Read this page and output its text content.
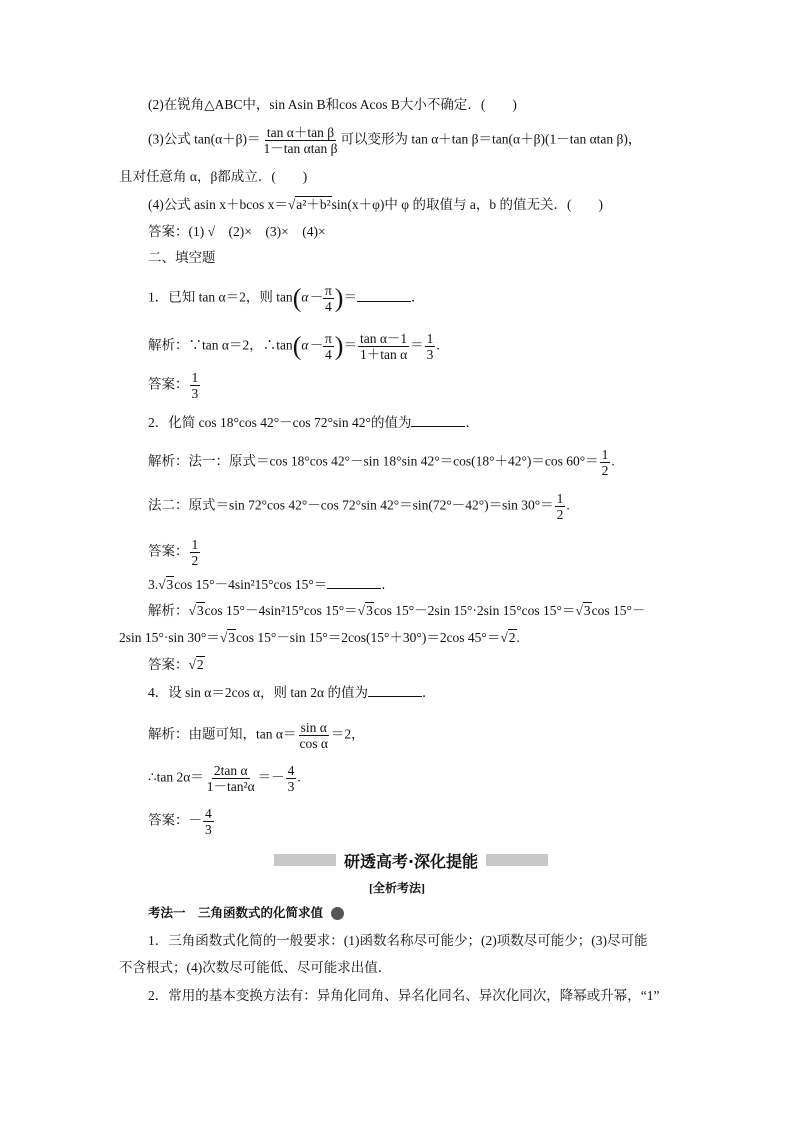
(2)在锐角△ABC中，sin Asin B和cos Acos B大小不确定．(　　)
(3)公式 $\tan(\alpha+\beta)= \frac{\text{tan α＋tan β}}{\text{1－tan αtan β}}$ 可以变形为 tan α＋tan β＝tan(α＋β)(1－tan αtan β)，
且对任意角 α，β都成立．(　　)
(4)公式 asin x＋bcos x＝√a²＋b²sin(x＋φ)中 φ 的取值与 a，b 的值无关．(　　)
答案：(1) √　(2)×　(3)×　(4)×
二、填空题
1．已知 tan α＝2，则 $\tan(\alpha- \frac{\pi}{4}$ )＝	．
解析：∵tan α＝2，∴tan(α－ $\frac{\pi}{4}$ )＝ $\frac{\text{tan α－1}}{\text{1＋tan α}} = \frac{1}{3}$ .
答案： $\frac{1}{3}$
2．化简 cos 18°cos 42°－cos 72°sin 42°的值为	．
解析：法一：原式＝cos 18°cos 42°－sin 18°sin 42°＝cos(18°＋42°)＝cos $60^\circ= \frac{1}{2}$ .
法二：原式＝sin 72°cos 42°－cos 72°sin 42°＝sin(72°－42°)＝sin $30^\circ= \frac{1}{2}$ .
答案： $\frac{1}{2}$
3.√3cos 15°－4sin²15°cos 15°＝	．
解析：√3cos 15°－4sin²15°cos 15°＝√3cos 15°－2sin 15°·2sin 15°cos 15°＝√3cos 15°－
2sin 15°·sin 30°＝√3cos 15°－sin 15°＝2cos(15°＋30°)＝2cos 45°＝√2.
答案：√2
4．设 sin α＝2cos α，则 tan 2α 的值为	．
解析：由题可知，$\tan \alpha= \frac{\text{sin α}}{\text{cos α}} =2$，
∴tan $2\alpha= \frac{\text{2tan α}}{\text{1－tan²α}} =- \frac{4}{3}$ .
答案：－ $\frac{4}{3}$
研透高考·深化提能
[全析考法]
考法一　三角函数式的化简求值
1．三角函数式化简的一般要求：(1)函数名称尽可能少；(2)项数尽可能少；(3)尽可能
不含根式；(4)次数尽可能低、尽可能求出值．
2．常用的基本变换方法有：异角化同角、异名化同名、异次化同次，降幂或升幂，“1”
